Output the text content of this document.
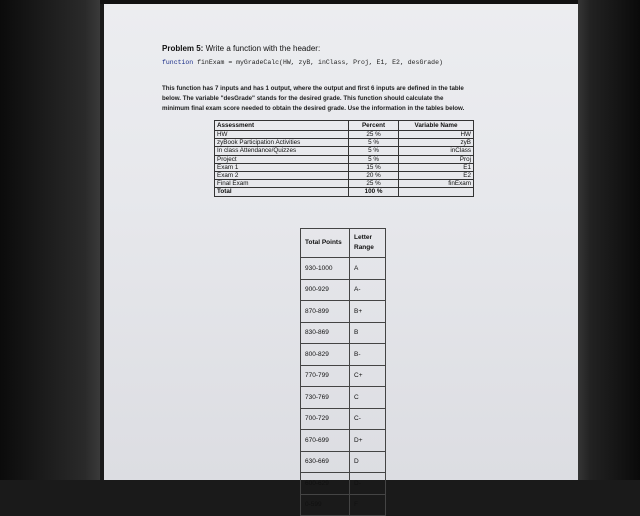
Problem 5: Write a function with the header:
function finExam = myGradeCalc(HW, zyB, inClass, Proj, E1, E2, desGrade)
This function has 7 inputs and has 1 output, where the output and first 6 inputs are defined in the table
below. The variable "desGrade" stands for the desired grade. This function should calculate the
minimum final exam score needed to obtain the desired grade. Use the information in the tables below.
Assessment	Percent	Variable Name
HW	25 %	HW
zyBook Participation Activities	5 %	zyB
In class Attendance/Quizzes	5 %	inClass
Project	5 %	Proj
Exam 1	15 %	E1
Exam 2	20 %	E2
Final Exam	25 %	finExam
Total	100 %	
Total Points	Letter Range
930-1000	A
900-929	A-
870-899	B+
830-869	B
800-829	B-
770-799	C+
730-769	C
700-729	C-
670-699	D+
630-669	D
600-629	D-
0-599	F
